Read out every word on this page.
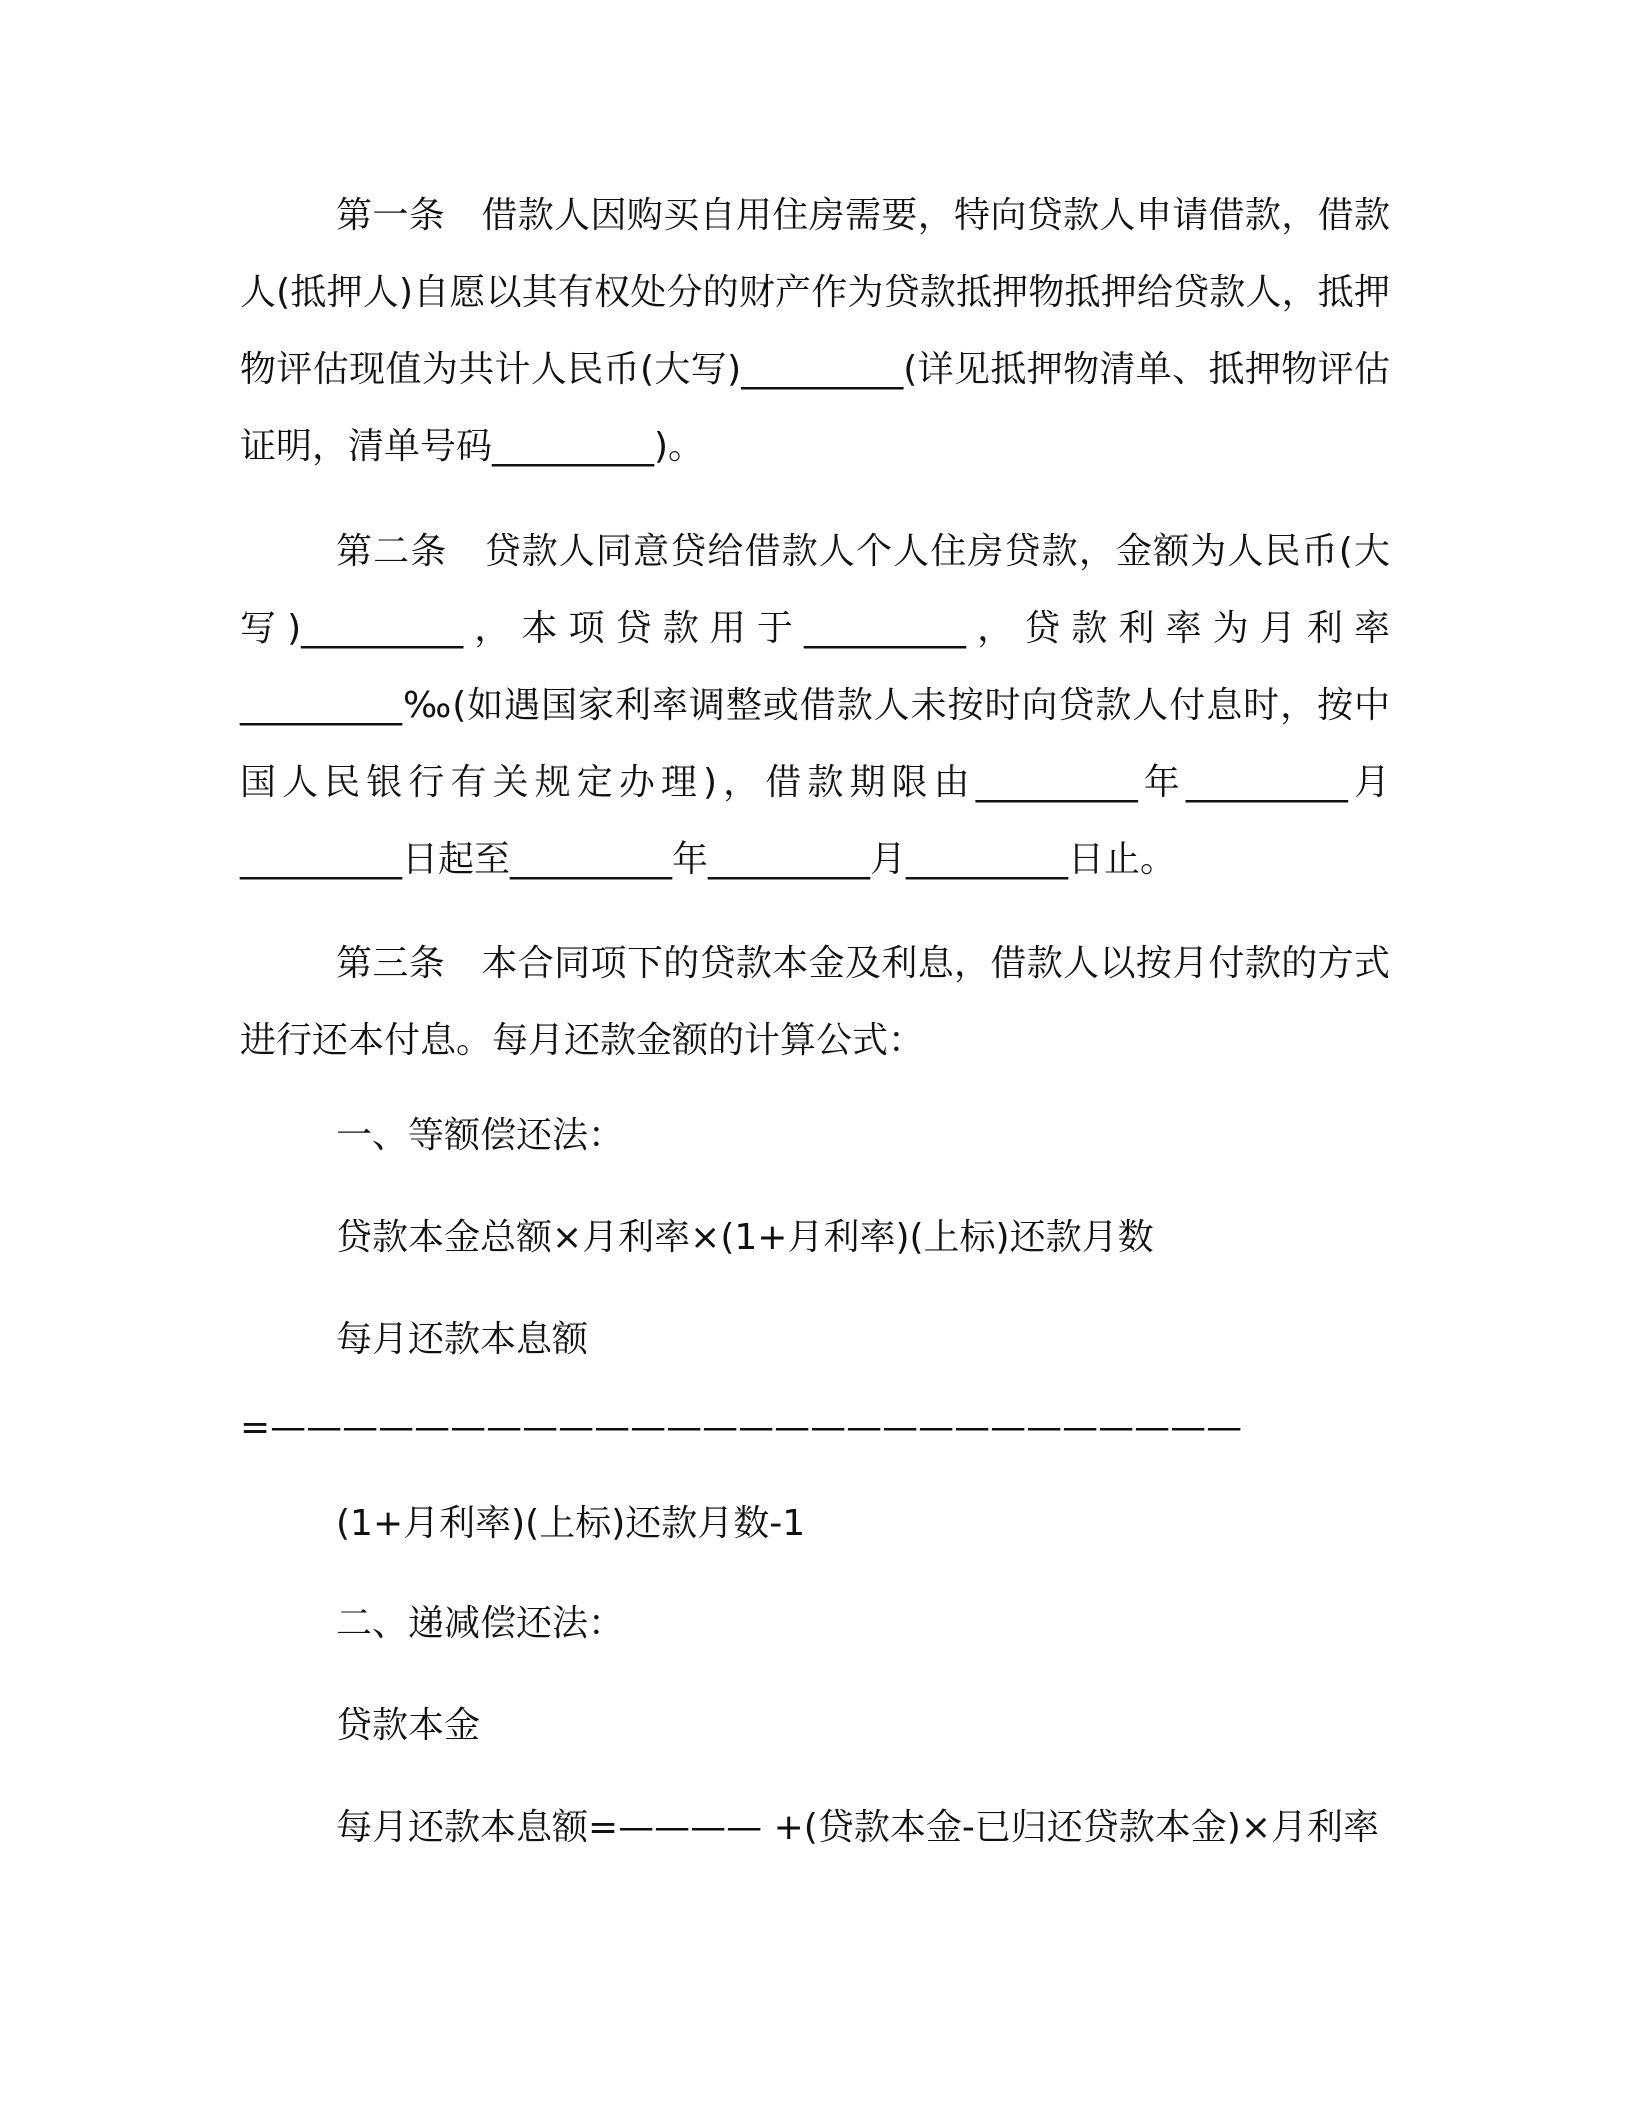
第一条　借款人因购买自用住房需要，特向贷款人申请借款，借款人(抵押人)自愿以其有权处分的财产作为贷款抵押物抵押给贷款人，抵押物评估现值为共计人民币(大写)_________(详见抵押物清单、抵押物评估证明，清单号码_________)。

第二条　贷款人同意贷给借款人个人住房贷款，金额为人民币(大写)_________，本项贷款用于_________，贷款利率为月利率_________‰(如遇国家利率调整或借款人未按时向贷款人付息时，按中国人民银行有关规定办理)，借款期限由_________年_________月_________日起至_________年_________月_________日止。

第三条　本合同项下的贷款本金及利息，借款人以按月付款的方式进行还本付息。每月还款金额的计算公式：

一、等额偿还法：

贷款本金总额×月利率×(1+月利率)(上标)还款月数

每月还款本息额

=———————————————————————————

(1+月利率)(上标)还款月数-1

二、递减偿还法：

贷款本金

每月还款本息额=———— +(贷款本金-已归还贷款本金)×月利率
